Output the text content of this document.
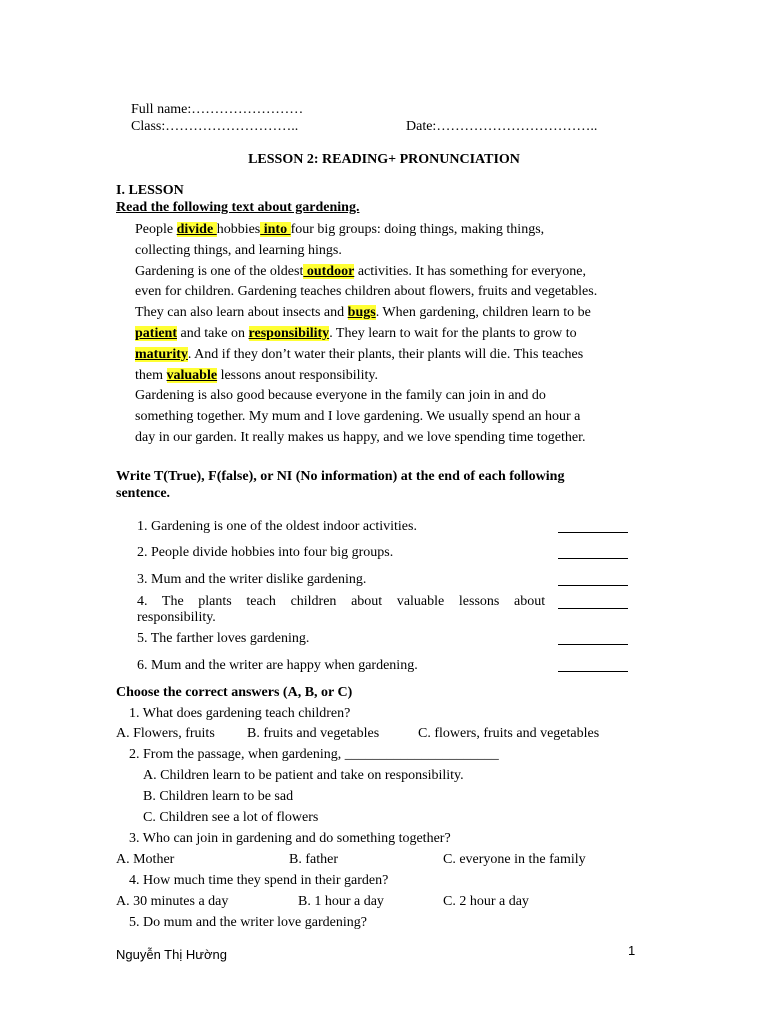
Full name:……………………
Class:………………………..	Date:……………………………..
LESSON 2: READING+ PRONUNCIATION
I. LESSON
Read the following text about gardening.
People divide hobbies into four big groups: doing things, making things,
collecting things, and learning hings.
Gardening is one of the oldest outdoor activities. It has something for everyone,
even for children. Gardening teaches children about flowers, fruits and vegetables.
They can also learn about insects and bugs. When gardening, children learn to be
patient and take on responsibility. They learn to wait for the plants to grow to
maturity. And if they don’t water their plants, their plants will die. This teaches
them valuable lessons anout responsibility.
Gardening is also good because everyone in the family can join in and do
something together. My mum and I love gardening. We usually spend an hour a
day in our garden. It really makes us happy, and we love spending time together.
Write T(True), F(false), or NI (No information) at the end of each following
sentence.
1. Gardening is one of the oldest indoor activities.
2. People divide hobbies into four big groups.
3. Mum and the writer dislike gardening.
4. The plants teach children about valuable lessons about
responsibility.
5. The farther loves gardening.
6. Mum and the writer are happy when gardening.
Choose the correct answers (A, B, or C)
1. What does gardening teach children?
A. Flowers, fruits B. fruits and vegetables	C. flowers, fruits and vegetables
2. From the passage, when gardening, ______________________
A. Children learn to be patient and take on responsibility.
B. Children learn to be sad
C. Children see a lot of flowers
3. Who can join in gardening and do something together?
A. Mother	B. father	C. everyone in the family
4. How much time they spend in their garden?
A. 30 minutes a day	B. 1 hour a day	C. 2 hour a day
5. Do mum and the writer love gardening?
Nguyễn Thị Hường	1
